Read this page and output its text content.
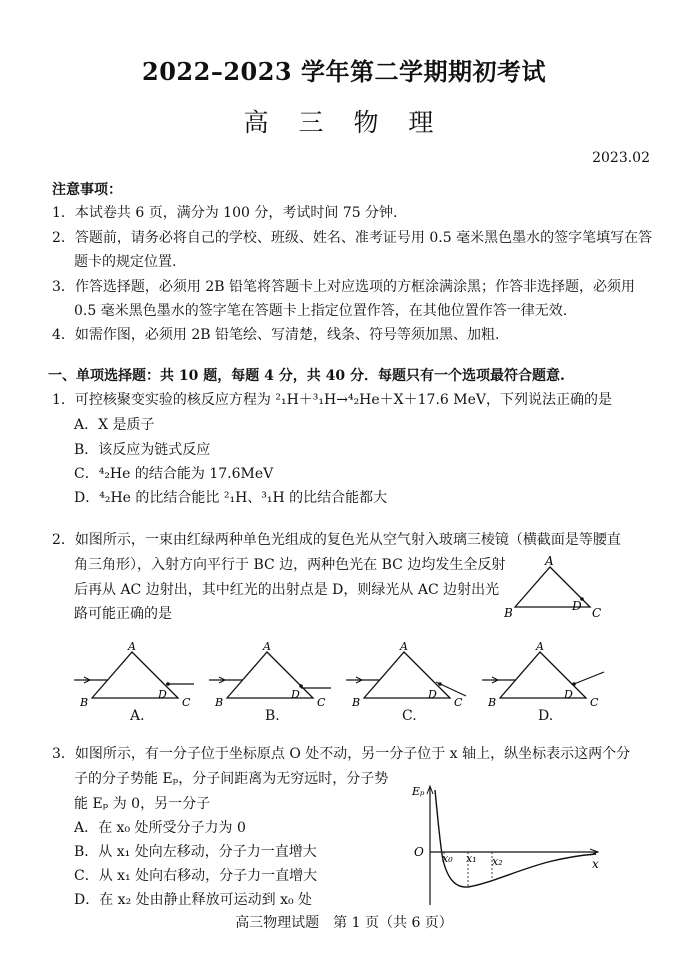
2022–2023 学年第二学期期初考试
高 三 物 理
2023.02
注意事项：
1．本试卷共 6 页，满分为 100 分，考试时间 75 分钟.
2．答题前，请务必将自己的学校、班级、姓名、准考证号用 0.5 毫米黑色墨水的签字笔填写在答
题卡的规定位置.
3．作答选择题，必须用 2B 铅笔将答题卡上对应选项的方框涂满涂黑；作答非选择题，必须用
0.5 毫米黑色墨水的签字笔在答题卡上指定位置作答，在其他位置作答一律无效.
4．如需作图，必须用 2B 铅笔绘、写清楚，线条、符号等须加黑、加粗.
一、单项选择题：共 10 题，每题 4 分，共 40 分．每题只有一个选项最符合题意.
1．可控核聚变实验的核反应方程为 ²₁H＋³₁H→⁴₂He＋X＋17.6 MeV，下列说法正确的是
A．X 是质子
B．该反应为链式反应
C．⁴₂He 的结合能为 17.6MeV
D．⁴₂He 的比结合能比 ²₁H、³₁H 的比结合能都大
2．如图所示，一束由红绿两种单色光组成的复色光从空气射入玻璃三棱镜（横截面是等腰直
角三角形），入射方向平行于 BC 边，两种色光在 BC 边均发生全反射
后再从 AC 边射出，其中红光的出射点是 D，则绿光从 AC 边射出光
路可能正确的是
A
B	C
D
A
B	C
D
A.
A
B	C
D
B.
A
B	C
D
C.
A
B	C
D
D.
3．如图所示，有一分子位于坐标原点 O 处不动，另一分子位于 x 轴上，纵坐标表示这两个分
子的分子势能 Eₚ，分子间距离为无穷远时，分子势
能 Eₚ 为 0，另一分子
A．在 x₀ 处所受分子力为 0
B．从 x₁ 处向左移动，分子力一直增大
C．从 x₁ 处向右移动，分子力一直增大
D．在 x₂ 处由静止释放可运动到 x₀ 处
Eₚ
O
x
x₀ x₁ x₂
高三物理试题　第 1 页（共 6 页）
